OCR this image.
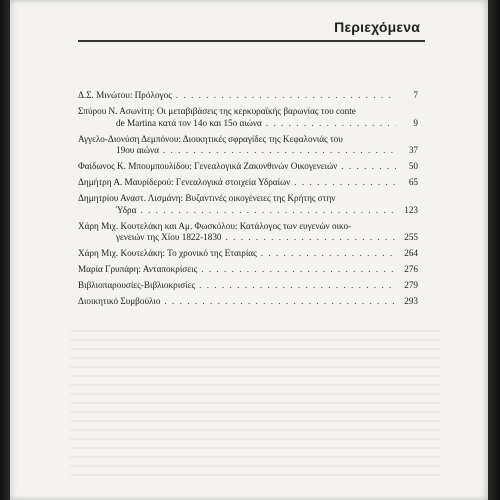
Περιεχόμενα
Δ.Σ. Μινώτου: Πρόλογος . . .	7
Σπύρου Ν. Ασωνίτη: Οι μεταβιβάσεις της κερκυραϊκής βαρωνίας του conte
de Martina κατά τον 14ο και 15ο αιώνα . . .	9
Αγγελο-Διονύση Δεμπόνου: Διοικητικές σφραγίδες της Κεφαλονιάς του
19ου αιώνα . . .	37
Φαίδωνος Κ. Μπουμπουλίδου: Γενεαλογικά Ζακυνθινών Οικογενειών . . .	50
Δημήτρη Α. Μαυρίδερού: Γενεαλογικά στοιχεία Υδραίων . . .	65
Δημητρίου Αναστ. Λισμάνη: Βυζαντινές οικογένειες της Κρήτης στην
Ύδρα . . .	123
Χάρη Μιχ. Κουτελάκη και Αμ. Φωσκόλου: Κατάλογος των ευγενών οικο-
γενειών της Χίου 1822-1830 . . .	255
Χάρη Μιχ. Κουτελάκη: Το χρονικό της Εταιρίας . . .	264
Μαρία Γρυπάρη: Ανταποκρίσεις . . .	276
Βιβλιοπαρουσίες-Βιβλιοκρισίες . . .	279
Διοικητικό Συμβούλιο . . .	293
